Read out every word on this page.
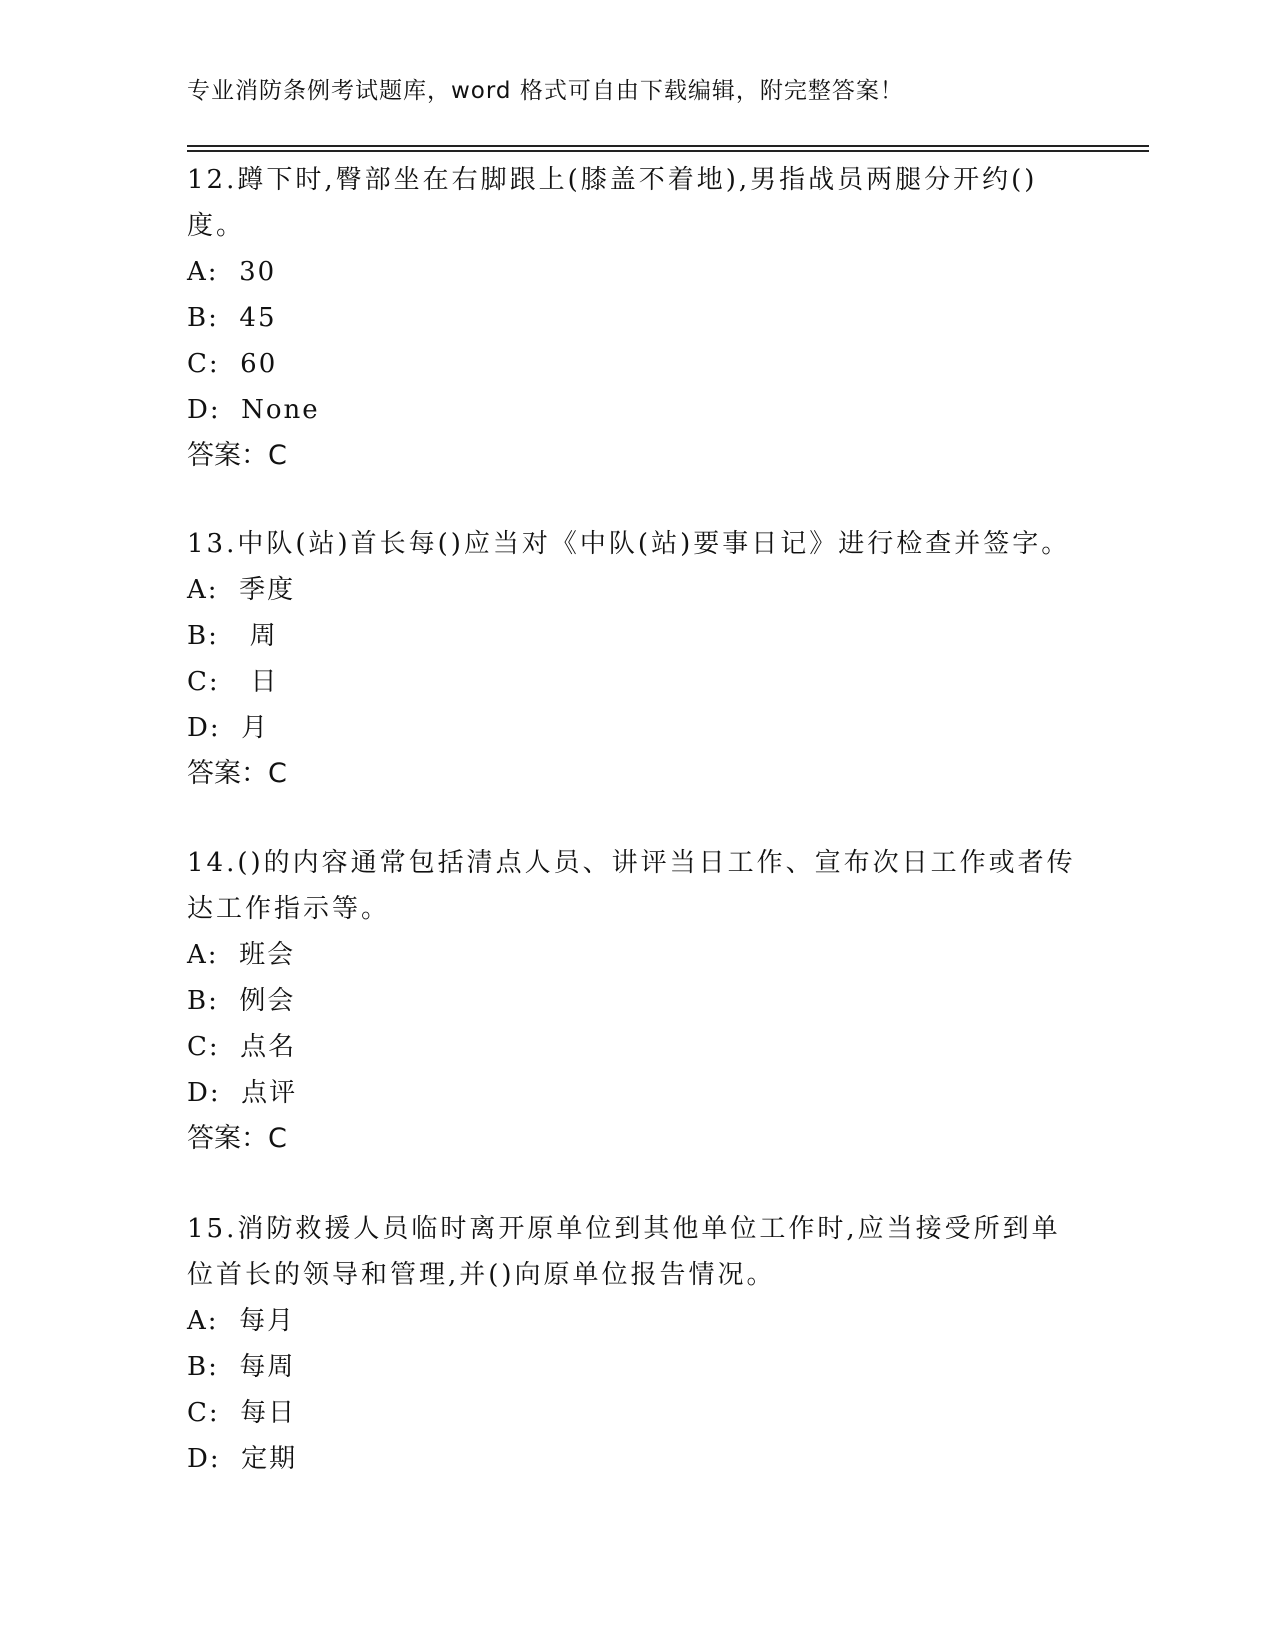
专业消防条例考试题库，word 格式可自由下载编辑，附完整答案！

12.蹲下时,臀部坐在右脚跟上(膝盖不着地),男指战员两腿分开约()度。

A:  30

B:  45

C:  60

D:  None

答案：C

13.中队(站)首长每()应当对《中队(站)要事日记》进行检查并签字。

A:  季度

B:   周

C:   日

D:  月

答案：C

14.()的内容通常包括清点人员、讲评当日工作、宣布次日工作或者传达工作指示等。

A:  班会

B:  例会

C:  点名

D:  点评

答案：C

15.消防救援人员临时离开原单位到其他单位工作时,应当接受所到单位首长的领导和管理,并()向原单位报告情况。

A:  每月

B:  每周

C:  每日

D:  定期
